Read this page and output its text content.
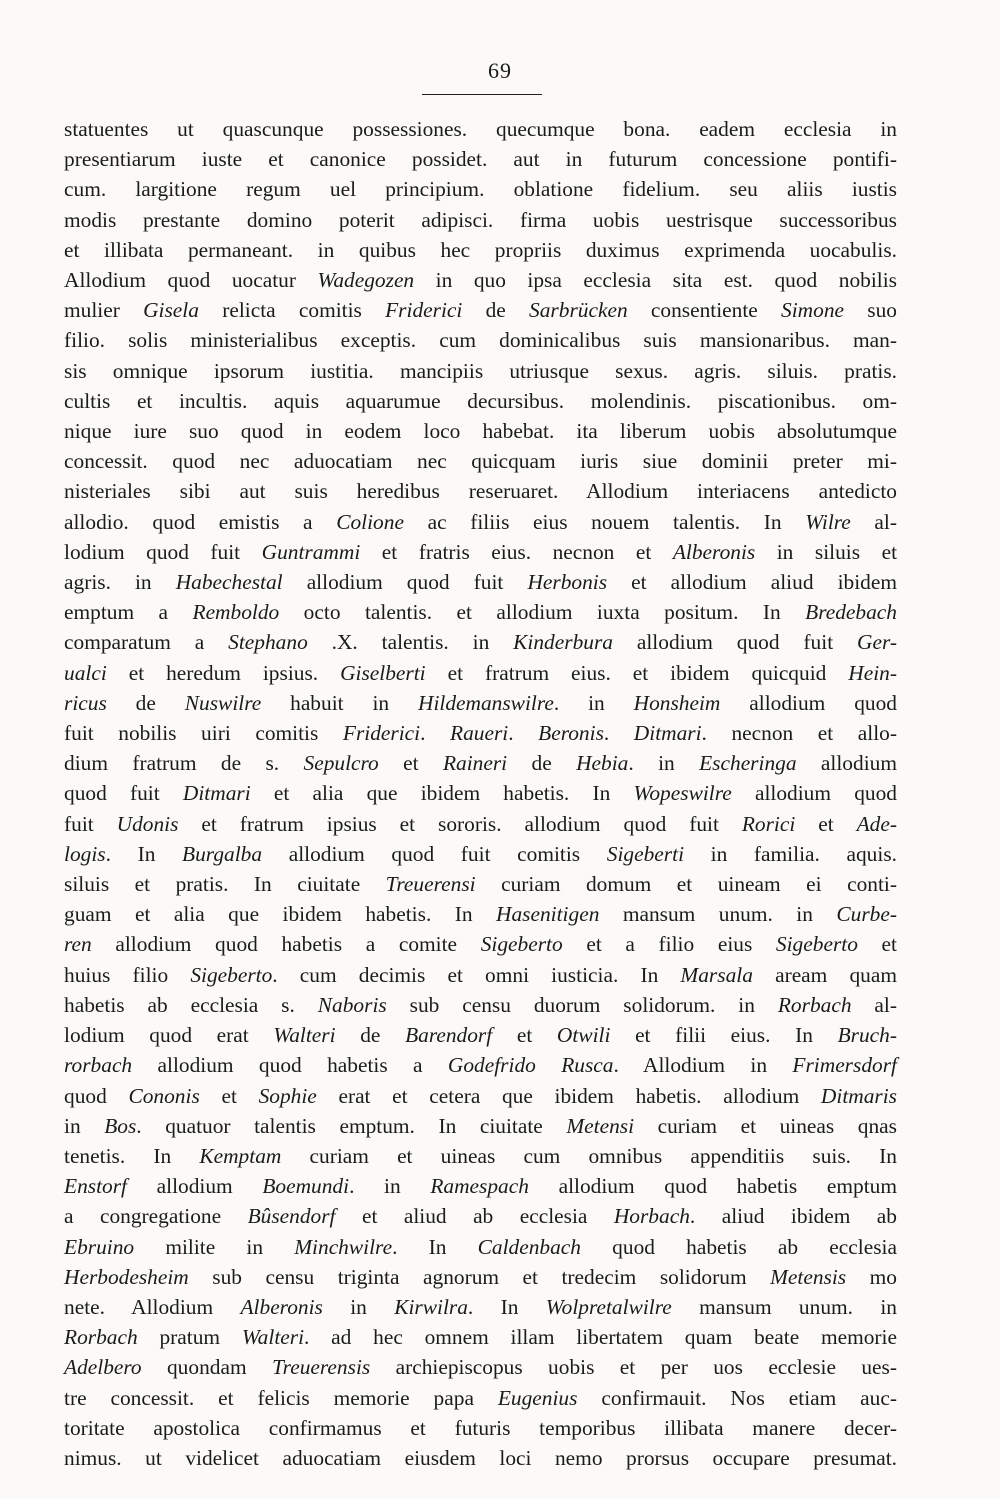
69
statuentes ut quascunque possessiones. quecumque bona. eadem ecclesia in
presentiarum iuste et canonice possidet. aut in futurum concessione pontifi-
cum. largitione regum uel principium. oblatione fidelium. seu aliis iustis
modis prestante domino poterit adipisci. firma uobis uestrisque successoribus
et illibata permaneant. in quibus hec propriis duximus exprimenda uocabulis.
Allodium quod uocatur Wadegozen in quo ipsa ecclesia sita est. quod nobilis
mulier Gisela relicta comitis Friderici de Sarbrücken consentiente Simone suo
filio. solis ministerialibus exceptis. cum dominicalibus suis mansionaribus. man-
sis omnique ipsorum iustitia. mancipiis utriusque sexus. agris. siluis. pratis.
cultis et incultis. aquis aquarumue decursibus. molendinis. piscationibus. om-
nique iure suo quod in eodem loco habebat. ita liberum uobis absolutumque
concessit. quod nec aduocatiam nec quicquam iuris siue dominii preter mi-
nisteriales sibi aut suis heredibus reseruaret. Allodium interiacens antedicto
allodio. quod emistis a Colione ac filiis eius nouem talentis. In Wilre al-
lodium quod fuit Guntrammi et fratris eius. necnon et Alberonis in siluis et
agris. in Habechestal allodium quod fuit Herbonis et allodium aliud ibidem
emptum a Remboldo octo talentis. et allodium iuxta positum. In Bredebach
comparatum a Stephano .X. talentis. in Kinderbura allodium quod fuit Ger-
ualci et heredum ipsius. Giselberti et fratrum eius. et ibidem quicquid Hein-
ricus de Nuswilre habuit in Hildemanswilre. in Honsheim allodium quod
fuit nobilis uiri comitis Friderici. Raueri. Beronis. Ditmari. necnon et allo-
dium fratrum de s. Sepulcro et Raineri de Hebia. in Escheringa allodium
quod fuit Ditmari et alia que ibidem habetis. In Wopeswilre allodium quod
fuit Udonis et fratrum ipsius et sororis. allodium quod fuit Rorici et Ade-
logis. In Burgalba allodium quod fuit comitis Sigeberti in familia. aquis.
siluis et pratis. In ciuitate Treuerensi curiam domum et uineam ei conti-
guam et alia que ibidem habetis. In Hasenitigen mansum unum. in Curbe-
ren allodium quod habetis a comite Sigeberto et a filio eius Sigeberto et
huius filio Sigeberto. cum decimis et omni iusticia. In Marsala aream quam
habetis ab ecclesia s. Naboris sub censu duorum solidorum. in Rorbach al-
lodium quod erat Walteri de Barendorf et Otwili et filii eius. In Bruch-
rorbach allodium quod habetis a Godefrido Rusca. Allodium in Frimersdorf
quod Cononis et Sophie erat et cetera que ibidem habetis. allodium Ditmaris
in Bos. quatuor talentis emptum. In ciuitate Metensi curiam et uineas qnas
tenetis. In Kemptam curiam et uineas cum omnibus appenditiis suis. In
Enstorf allodium Boemundi. in Ramespach allodium quod habetis emptum
a congregatione Bûsendorf et aliud ab ecclesia Horbach. aliud ibidem ab
Ebruino milite in Minchwilre. In Caldenbach quod habetis ab ecclesia
Herbodesheim sub censu triginta agnorum et tredecim solidorum Metensis mo
nete. Allodium Alberonis in Kirwilra. In Wolpretalwilre mansum unum. in
Rorbach pratum Walteri. ad hec omnem illam libertatem quam beate memorie
Adelbero quondam Treuerensis archiepiscopus uobis et per uos ecclesie ues-
tre concessit. et felicis memorie papa Eugenius confirmauit. Nos etiam auc-
toritate apostolica confirmamus et futuris temporibus illibata manere decer-
nimus. ut videlicet aduocatiam eiusdem loci nemo prorsus occupare presumat.
